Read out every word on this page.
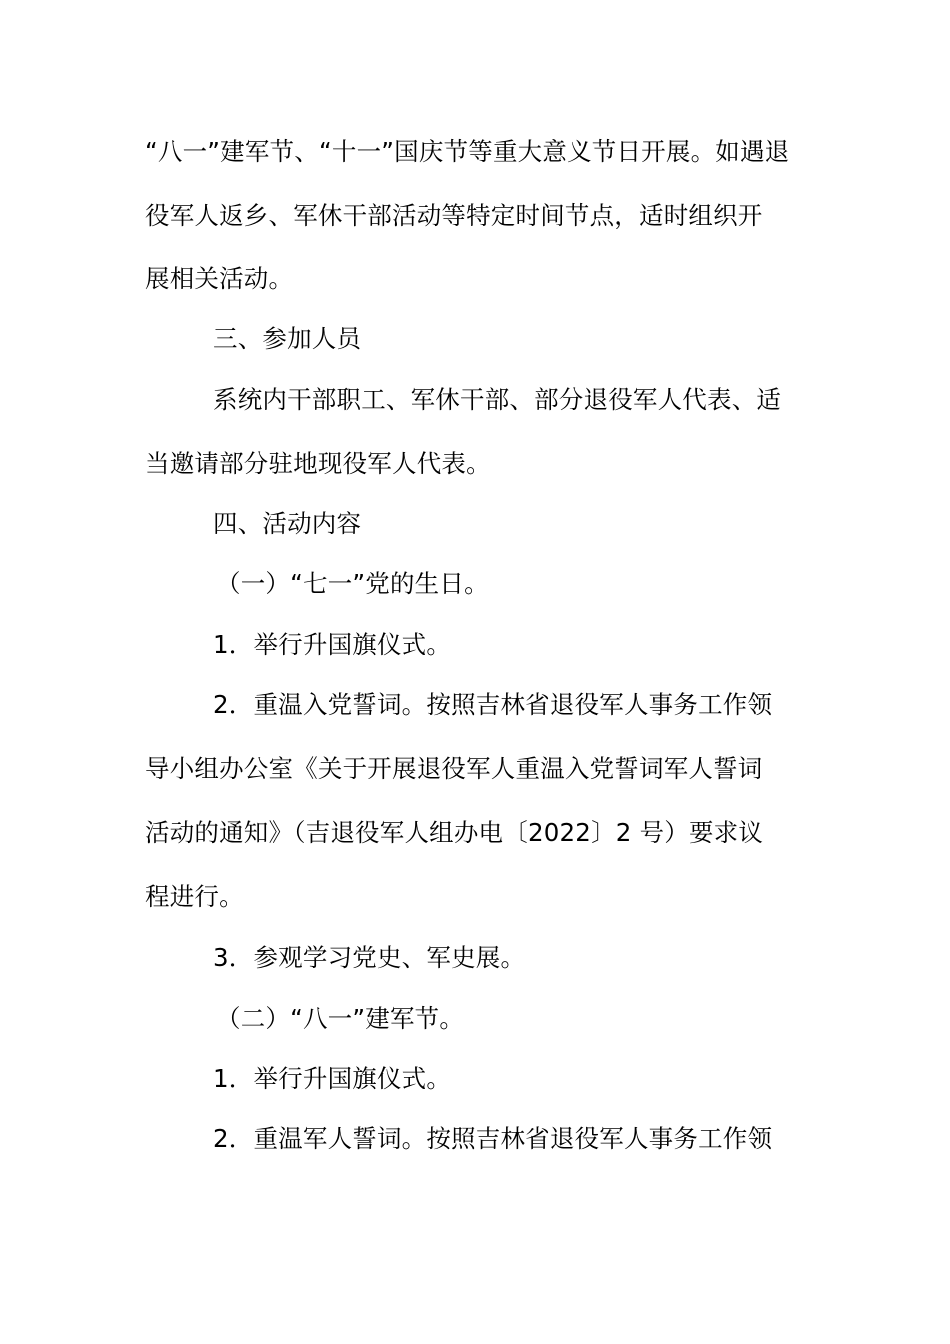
“八一”建军节、“十一”国庆节等重大意义节日开展。如遇退
役军人返乡、军休干部活动等特定时间节点，适时组织开
展相关活动。
三、参加人员
系统内干部职工、军休干部、部分退役军人代表、适
当邀请部分驻地现役军人代表。
四、活动内容
（一）“七一”党的生日。
1．举行升国旗仪式。
2．重温入党誓词。按照吉林省退役军人事务工作领
导小组办公室《关于开展退役军人重温入党誓词军人誓词
活动的通知》（吉退役军人组办电〔2022〕2 号）要求议
程进行。
3．参观学习党史、军史展。
（二）“八一”建军节。
1．举行升国旗仪式。
2．重温军人誓词。按照吉林省退役军人事务工作领
